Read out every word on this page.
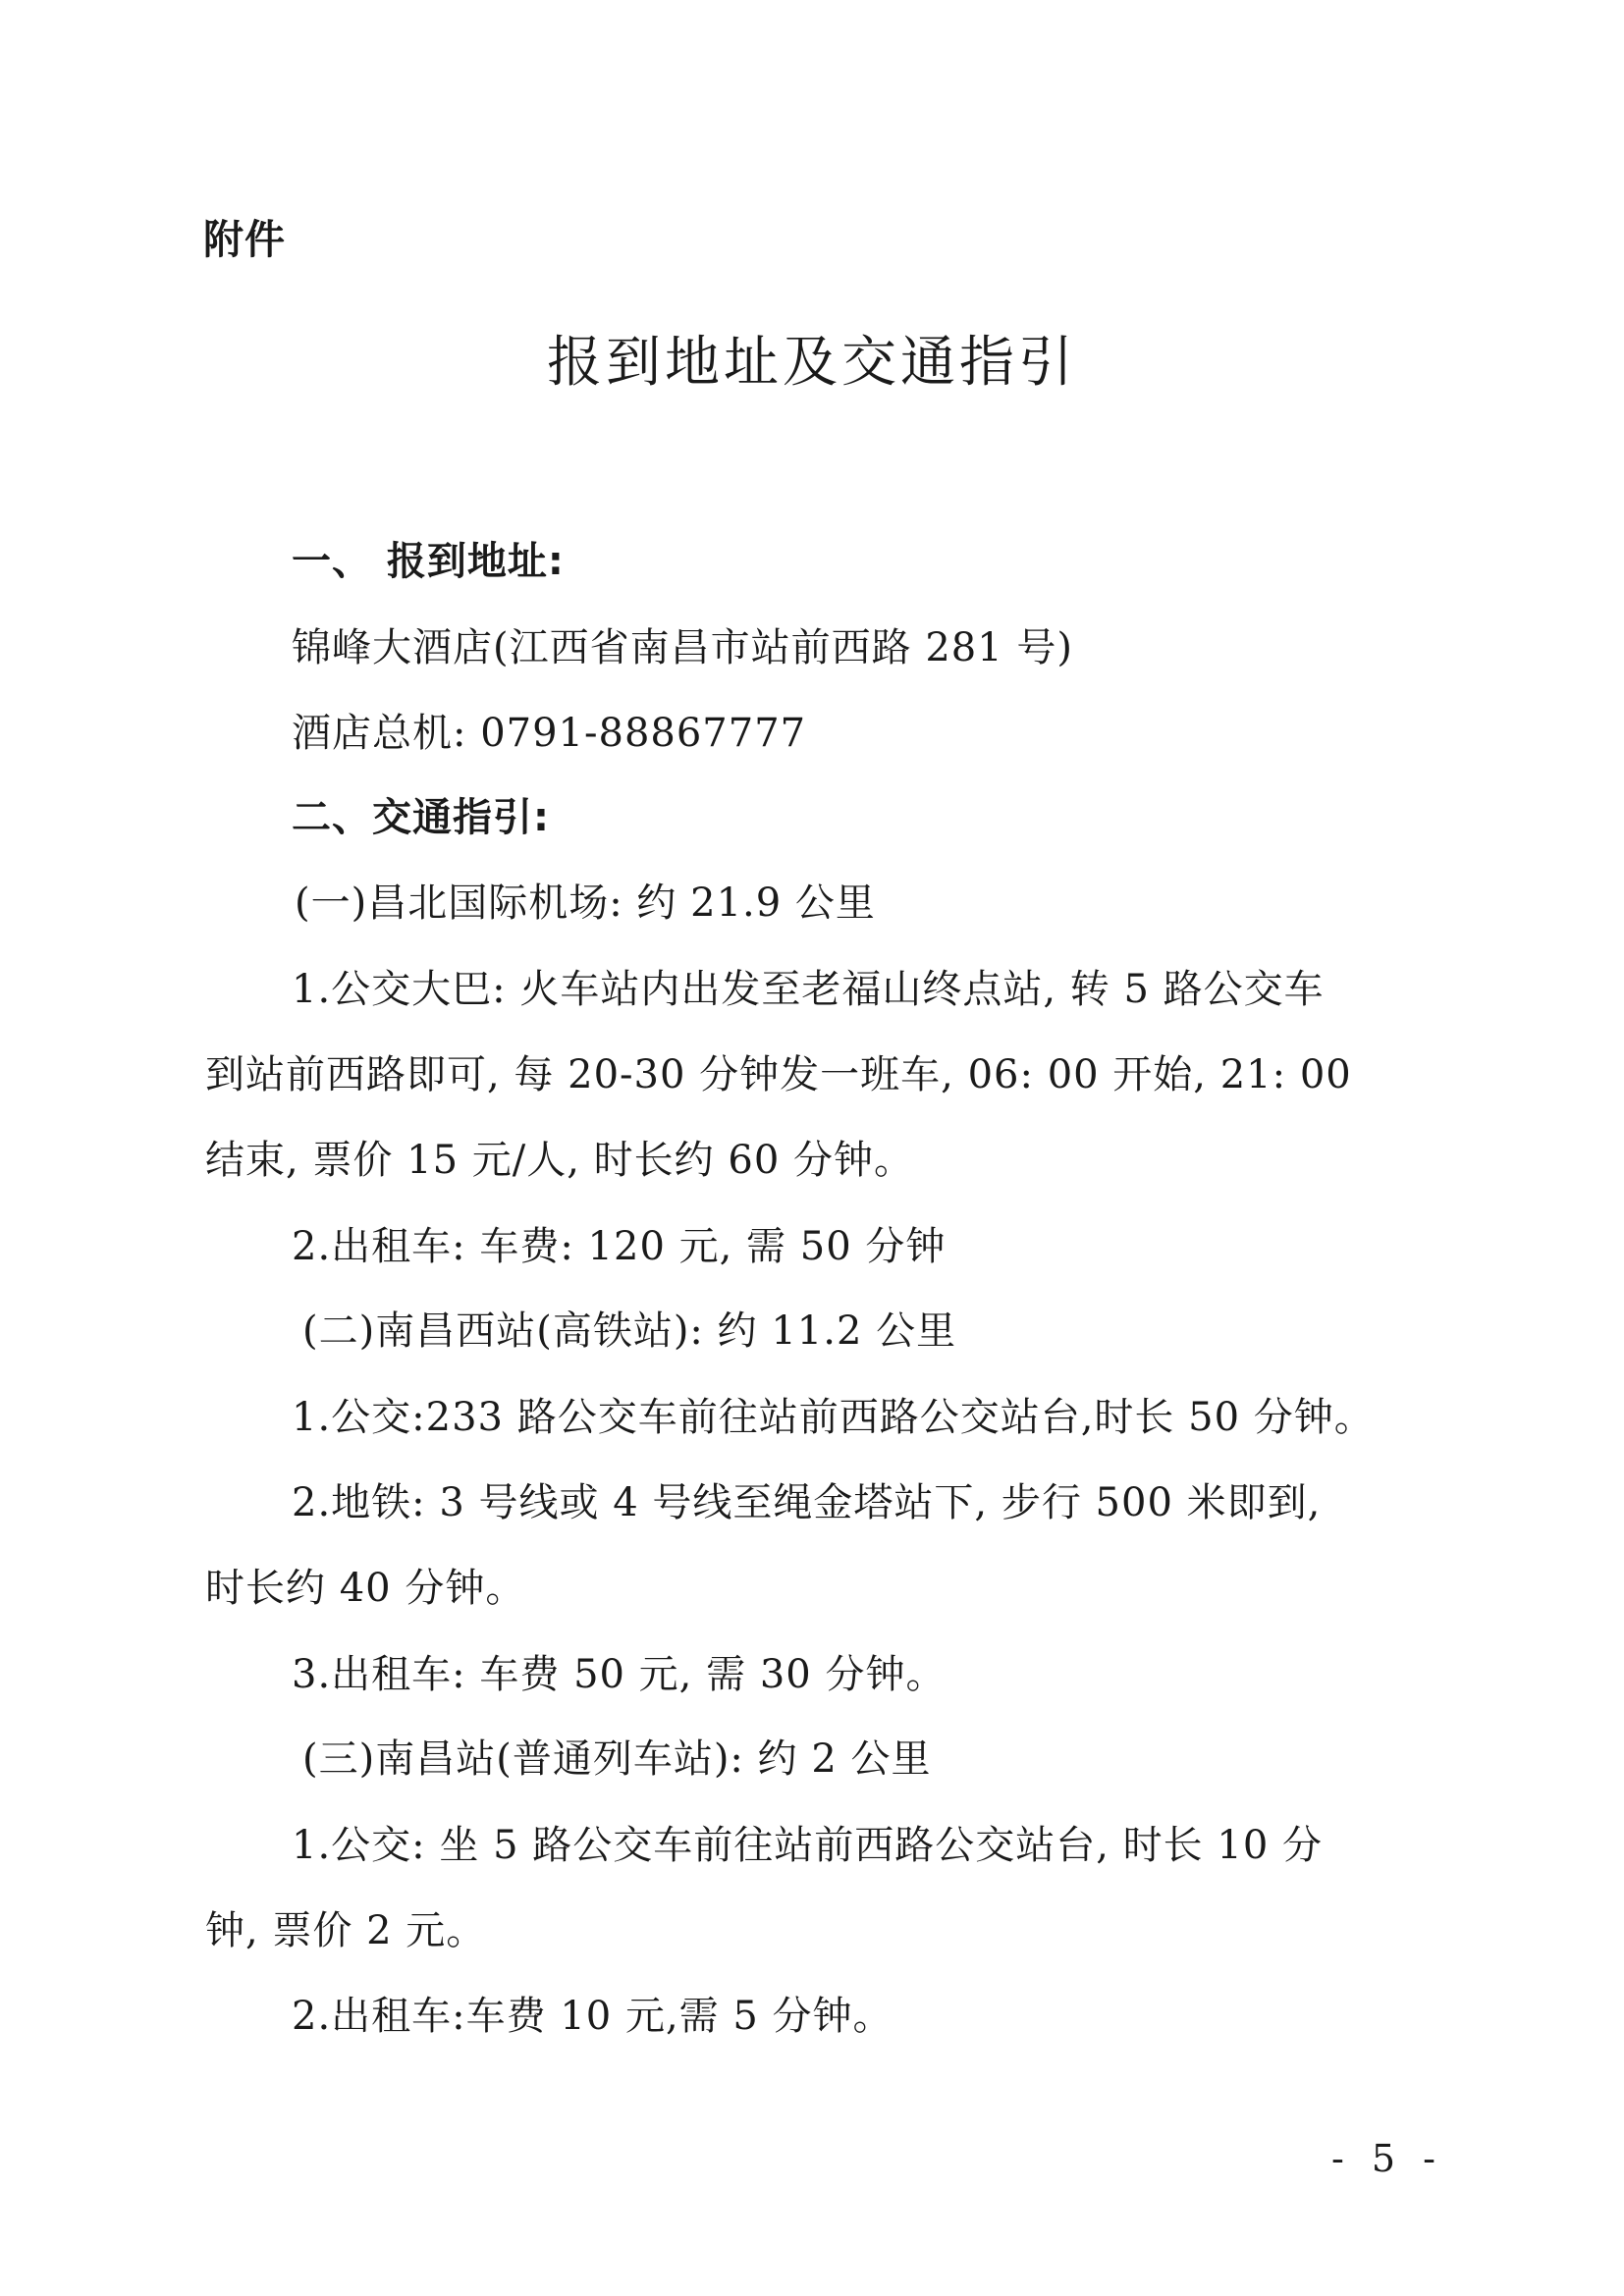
附件
报到地址及交通指引
一、 报到地址:
锦峰大酒店(江西省南昌市站前西路 281 号)
酒店总机: 0791-88867777
二、交通指引:
(一)昌北国际机场: 约 21.9 公里
1.公交大巴: 火车站内出发至老福山终点站, 转 5 路公交车
到站前西路即可, 每 20-30 分钟发一班车, 06: 00 开始, 21: 00
结束, 票价 15 元/人, 时长约 60 分钟。
2.出租车: 车费: 120 元, 需 50 分钟
(二)南昌西站(高铁站): 约 11.2 公里
1.公交:233 路公交车前往站前西路公交站台,时长 50 分钟。
2.地铁: 3 号线或 4 号线至绳金塔站下, 步行 500 米即到,
时长约 40 分钟。
3.出租车: 车费 50 元, 需 30 分钟。
(三)南昌站(普通列车站): 约 2 公里
1.公交: 坐 5 路公交车前往站前西路公交站台, 时长 10 分
钟, 票价 2 元。
2.出租车:车费 10 元,需 5 分钟。
- 5 -
